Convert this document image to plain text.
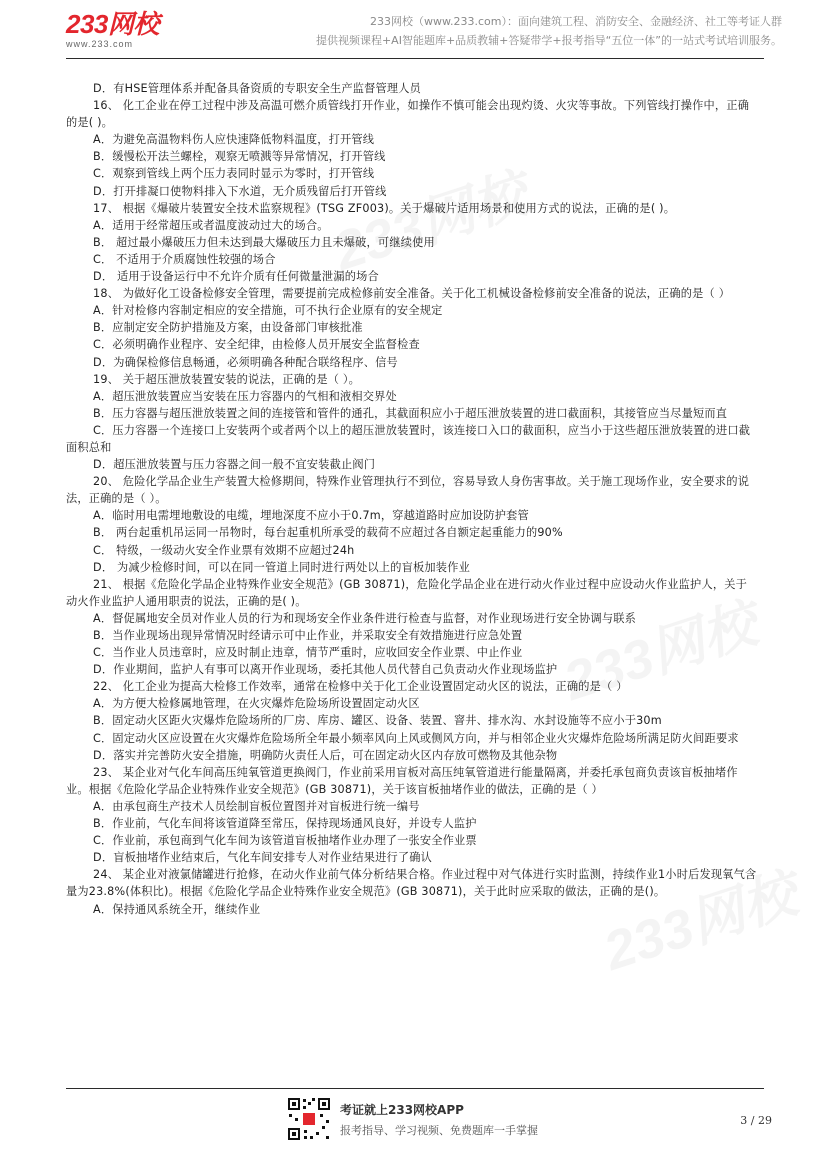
233网校
www.233.com
233网校（www.233.com）：面向建筑工程、消防安全、金融经济、社工等考证人群
提供视频课程+AI智能题库+品质教辅+答疑带学+报考指导“五位一体”的一站式考试培训服务。

D．有HSE管理体系并配备具备资质的专职安全生产监督管理人员

16、 化工企业在停工过程中涉及高温可燃介质管线打开作业，如操作不慎可能会出现灼烫、火灾等事故。下列管线打操作中，正确的是( )。

A．为避免高温物料伤人应快速降低物料温度，打开管线

B．缓慢松开法兰螺栓，观察无喷溅等异常情况，打开管线

C．观察到管线上两个压力表同时显示为零时，打开管线

D．打开排凝口使物料排入下水道，无介质残留后打开管线

17、 根据《爆破片装置安全技术监察规程》(TSG ZF003)。关于爆破片适用场景和使用方式的说法，正确的是( )。

A．适用于经常超压或者温度波动过大的场合。

B． 超过最小爆破压力但未达到最大爆破压力且未爆破，可继续使用

C． 不适用于介质腐蚀性较强的场合

D． 适用于设备运行中不允许介质有任何微量泄漏的场合

18、 为做好化工设备检修安全管理，需要提前完成检修前安全准备。关于化工机械设备检修前安全准备的说法，正确的是（ ）

A．针对检修内容制定相应的安全措施，可不执行企业原有的安全规定

B．应制定安全防护措施及方案，由设备部门审核批准

C．必须明确作业程序、安全纪律，由检修人员开展安全监督检查

D．为确保检修信息畅通，必须明确各种配合联络程序、信号

19、 关于超压泄放装置安装的说法，正确的是（ ）。

A．超压泄放装置应当安装在压力容器内的气相和液相交界处

B．压力容器与超压泄放装置之间的连接管和管件的通孔，其截面积应小于超压泄放装置的进口截面积，其接管应当尽量短而直

C．压力容器一个连接口上安装两个或者两个以上的超压泄放装置时，该连接口入口的截面积，应当小于这些超压泄放装置的进口截面积总和

D．超压泄放装置与压力容器之间一般不宜安装截止阀门

20、 危险化学品企业生产装置大检修期间，特殊作业管理执行不到位，容易导致人身伤害事故。关于施工现场作业，安全要求的说法，正确的是（ ）。

A．临时用电需埋地敷设的电缆，埋地深度不应小于0.7m，穿越道路时应加设防护套管

B． 两台起重机吊运同一吊物时，每台起重机所承受的载荷不应超过各自额定起重能力的90%

C． 特级，一级动火安全作业票有效期不应超过24h

D． 为减少检修时间，可以在同一管道上同时进行两处以上的盲板加装作业

21、 根据《危险化学品企业特殊作业安全规范》(GB 30871)，危险化学品企业在进行动火作业过程中应设动火作业监护人，关于动火作业监护人通用职责的说法，正确的是( )。

A．督促属地安全员对作业人员的行为和现场安全作业条件进行检查与监督，对作业现场进行安全协调与联系

B．当作业现场出现异常情况时经请示可中止作业，并采取安全有效措施进行应急处置

C．当作业人员违章时，应及时制止违章，情节严重时，应收回安全作业票、中止作业

D．作业期间，监护人有事可以离开作业现场，委托其他人员代替自己负责动火作业现场监护

22、 化工企业为提高大检修工作效率，通常在检修中关于化工企业设置固定动火区的说法，正确的是（ ）

A．为方便大检修属地管理，在火灾爆炸危险场所设置固定动火区

B．固定动火区距火灾爆炸危险场所的厂房、库房、罐区、设备、装置、窨井、排水沟、水封设施等不应小于30m

C．固定动火区应设置在火灾爆炸危险场所全年最小频率风向上风或侧风方向，并与相邻企业火灾爆炸危险场所满足防火间距要求

D．落实并完善防火安全措施，明确防火责任人后，可在固定动火区内存放可燃物及其他杂物

23、 某企业对气化车间高压纯氧管道更换阀门，作业前采用盲板对高压纯氧管道进行能量隔离，并委托承包商负责该盲板抽堵作业。根据《危险化学品企业特殊作业安全规范》(GB 30871)，关于该盲板抽堵作业的做法，正确的是（ ）

A．由承包商生产技术人员绘制盲板位置图并对盲板进行统一编号

B．作业前，气化车间将该管道降至常压，保持现场通风良好，并设专人监护

C．作业前，承包商到气化车间为该管道盲板抽堵作业办理了一张安全作业票

D．盲板抽堵作业结束后，气化车间安排专人对作业结果进行了确认

24、 某企业对液氯储罐进行抢修，在动火作业前气体分析结果合格。作业过程中对气体进行实时监测，持续作业1小时后发现氧气含量为23.8%(体积比)。根据《危险化学品企业特殊作业安全规范》(GB 30871)，关于此时应采取的做法，正确的是()。

A．保持通风系统全开，继续作业

考证就上233网校APP
报考指导、学习视频、免费题库一手掌握
3 / 29
